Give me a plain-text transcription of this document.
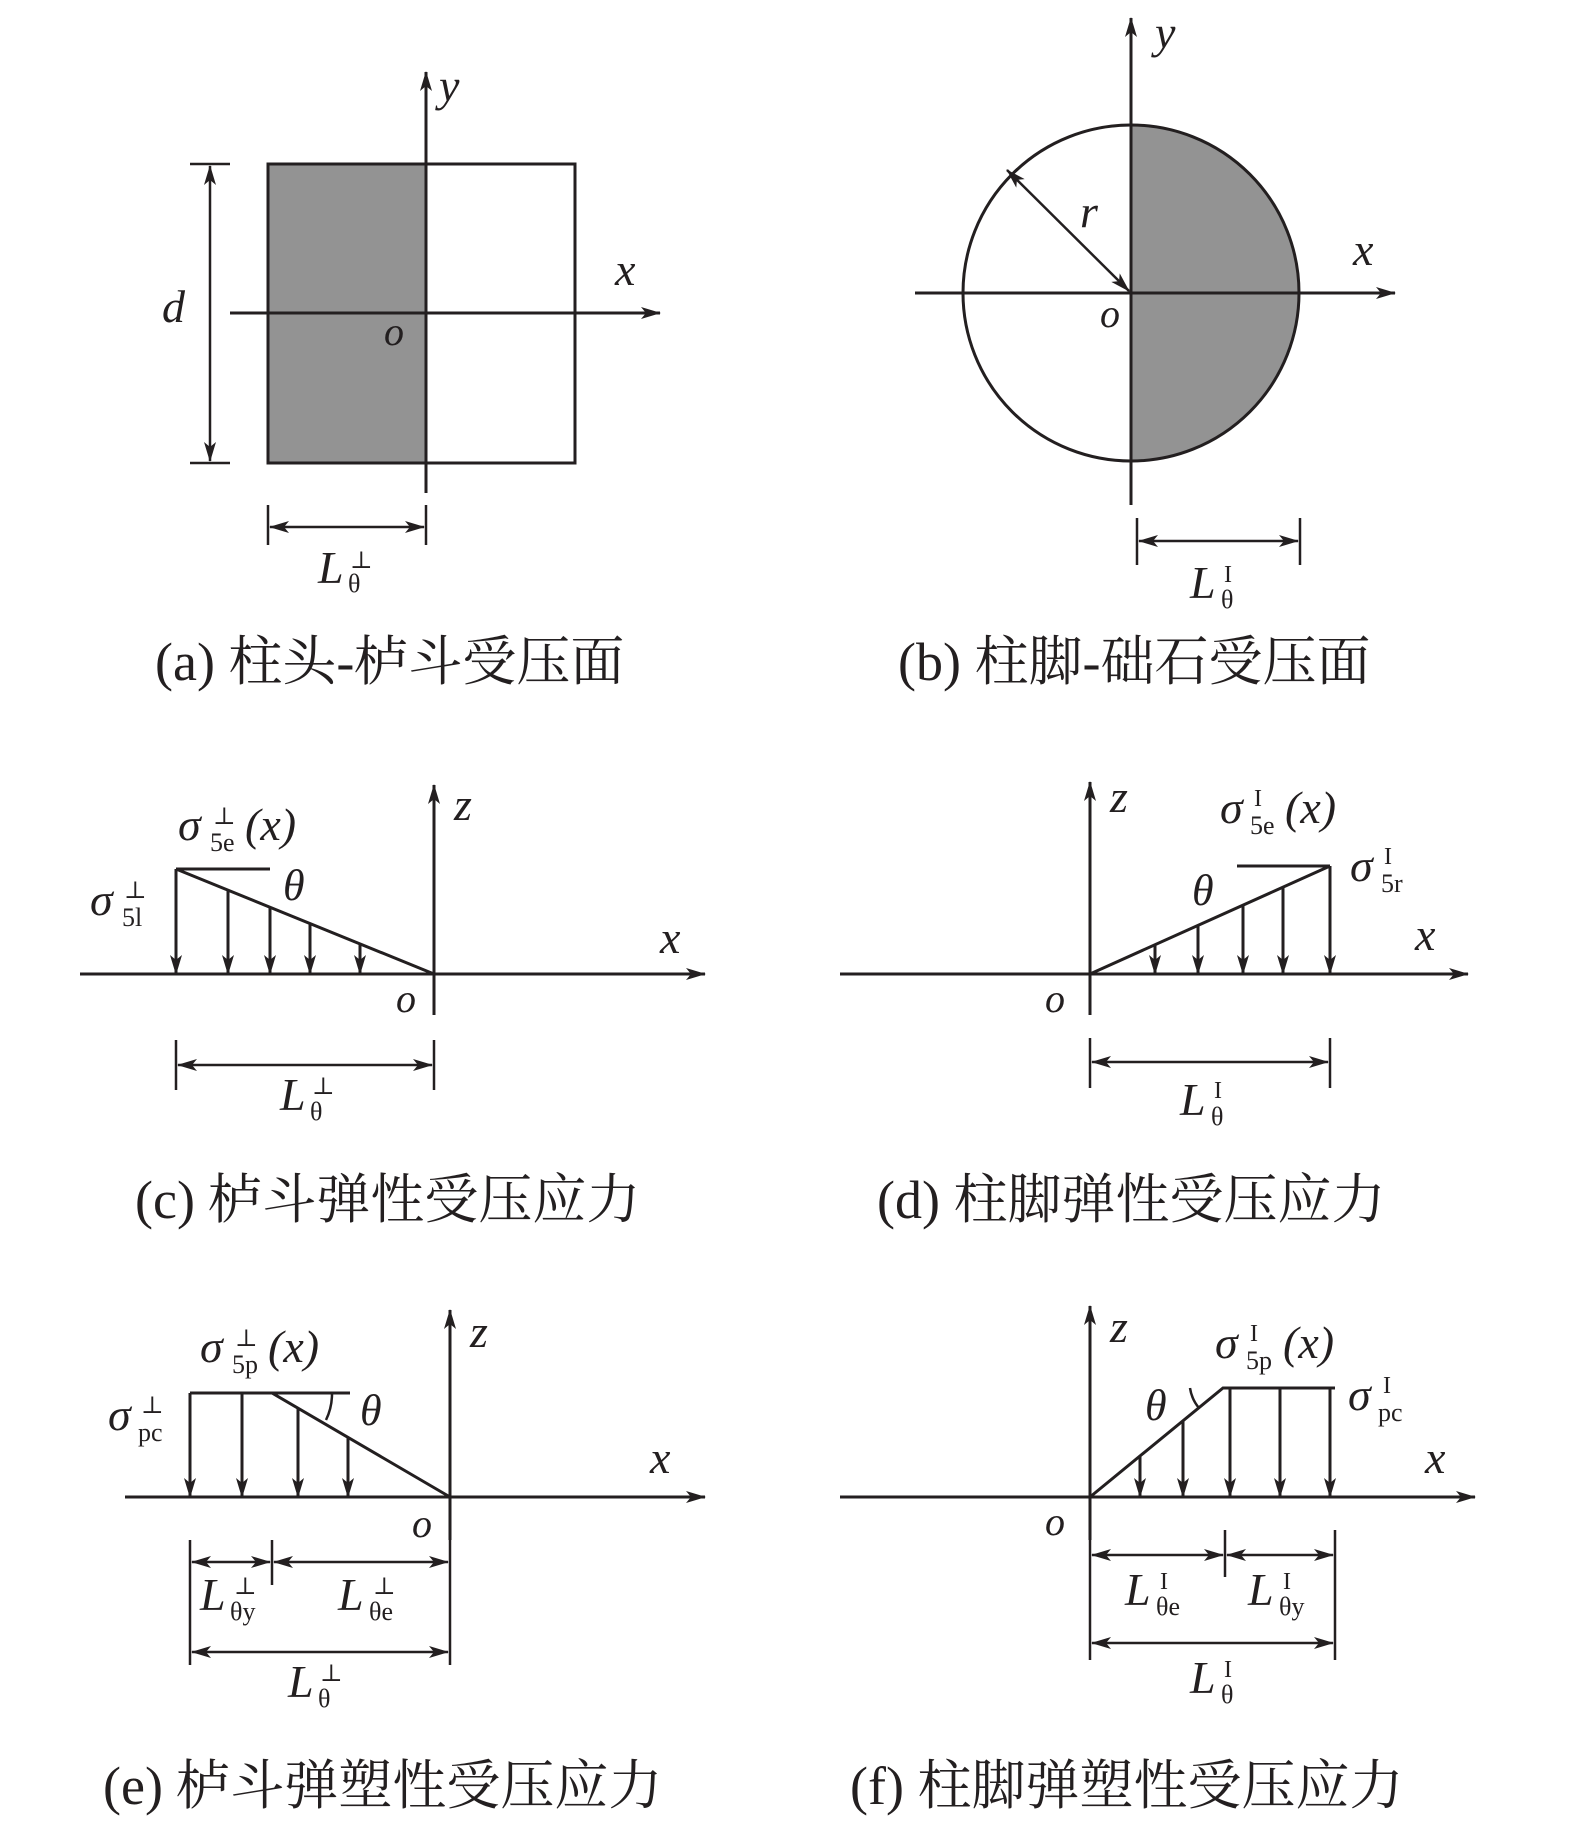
y
x
o
d
L θ
⊥
(a) 柱头-栌斗受压面
y
x
o
r
L θ
I
(b) 柱脚-础石受压面
z
x
o
θ
σ 5e
⊥ (x)
σ 5l
⊥
L θ
⊥
(c) 栌斗弹性受压应力
z
x
o
θ
σ 5e
I (x)
σ 5r
I
L θ
I
(d) 柱脚弹性受压应力
z
x
o
θ
σ 5p
⊥ (x)
σ pc
⊥
L θy
⊥ L θe
⊥
L θ
⊥
(e) 栌斗弹塑性受压应力
z
x
o
θ
σ 5p
I (x)
σ pc
I
L θe
I L θy
I
L θ
I
(f) 柱脚弹塑性受压应力
